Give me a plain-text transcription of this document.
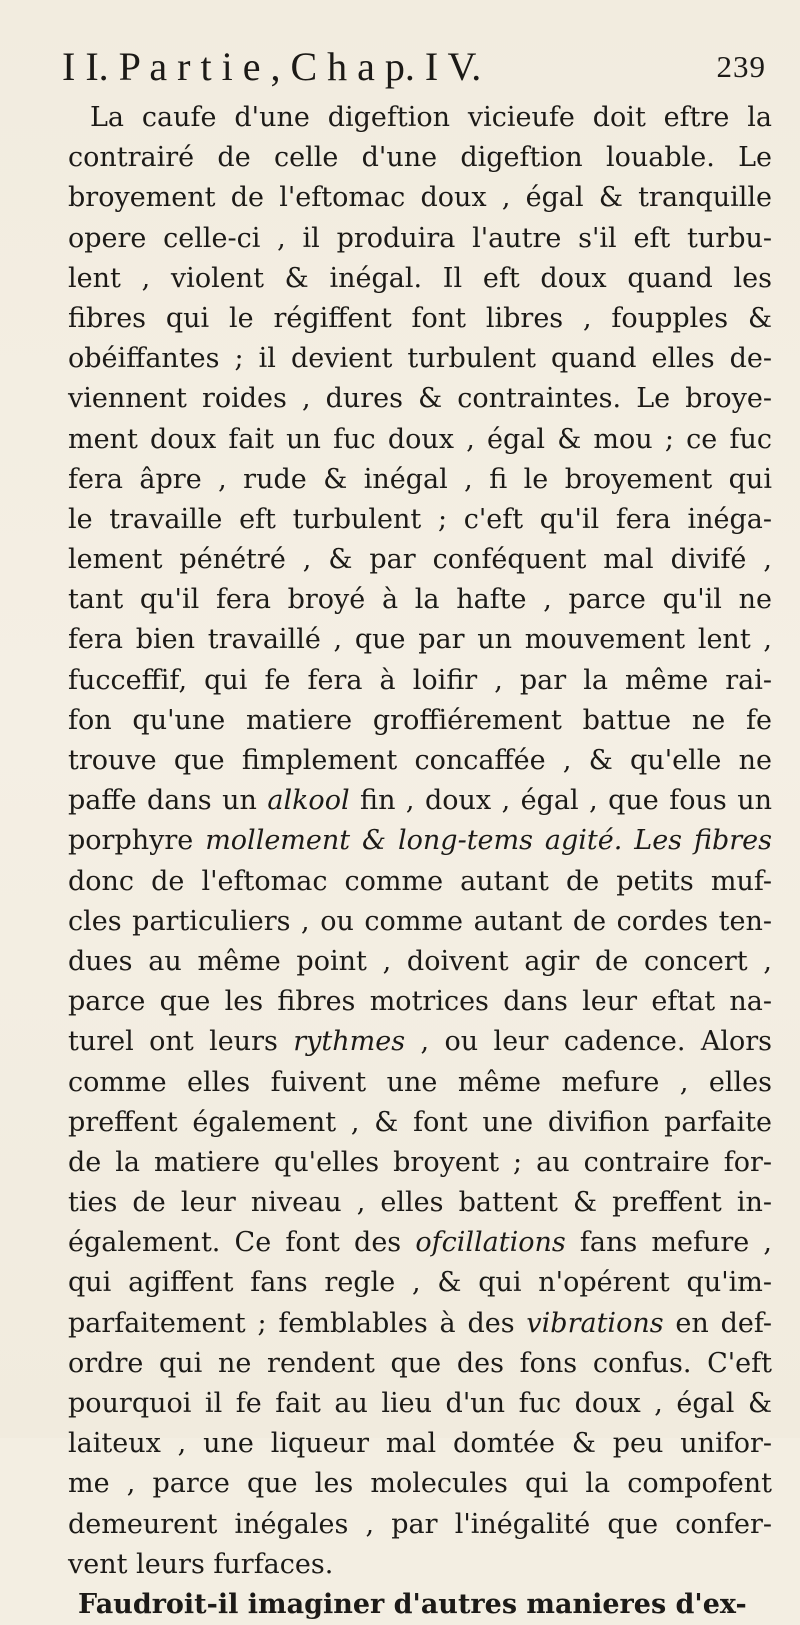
I I. P a r t i e , C h a p. I V.	239
La caufe d'une digeftion vicieufe doit eftre la
contrairé de celle d'une digeftion louable. Le
broyement de l'eftomac doux , égal & tranquille
opere celle-ci , il produira l'autre s'il eft turbu-
lent , violent & inégal. Il eft doux quand les
fibres qui le régiffent font libres , foupples &
obéiffantes ; il devient turbulent quand elles de-
viennent roides , dures & contraintes. Le broye-
ment doux fait un fuc doux , égal & mou ; ce fuc
fera âpre , rude & inégal , fi le broyement qui
le travaille eft turbulent ; c'eft qu'il fera inéga-
lement pénétré , & par conféquent mal divifé ,
tant qu'il fera broyé à la hafte , parce qu'il ne
fera bien travaillé , que par un mouvement lent ,
fucceffif, qui fe fera à loifir , par la même rai-
fon qu'une matiere groffiérement battue ne fe
trouve que fimplement concaffée , & qu'elle ne
paffe dans un alkool fin , doux , égal , que fous un
porphyre mollement & long-tems agité. Les fibres
donc de l'eftomac comme autant de petits muf-
cles particuliers , ou comme autant de cordes ten-
dues au même point , doivent agir de concert ,
parce que les fibres motrices dans leur eftat na-
turel ont leurs rythmes , ou leur cadence. Alors
comme elles fuivent une même mefure , elles
preffent également , & font une divifion parfaite
de la matiere qu'elles broyent ; au contraire for-
ties de leur niveau , elles battent & preffent in-
également. Ce font des ofcillations fans mefure ,
qui agiffent fans regle , & qui n'opérent qu'im-
parfaitement ; femblables à des vibrations en def-
ordre qui ne rendent que des fons confus. C'eft
pourquoi il fe fait au lieu d'un fuc doux , égal &
laiteux , une liqueur mal domtée & peu unifor-
me , parce que les molecules qui la compofent
demeurent inégales , par l'inégalité que confer-
vent leurs furfaces.
Faudroit-il imaginer d'autres manieres d'ex-
